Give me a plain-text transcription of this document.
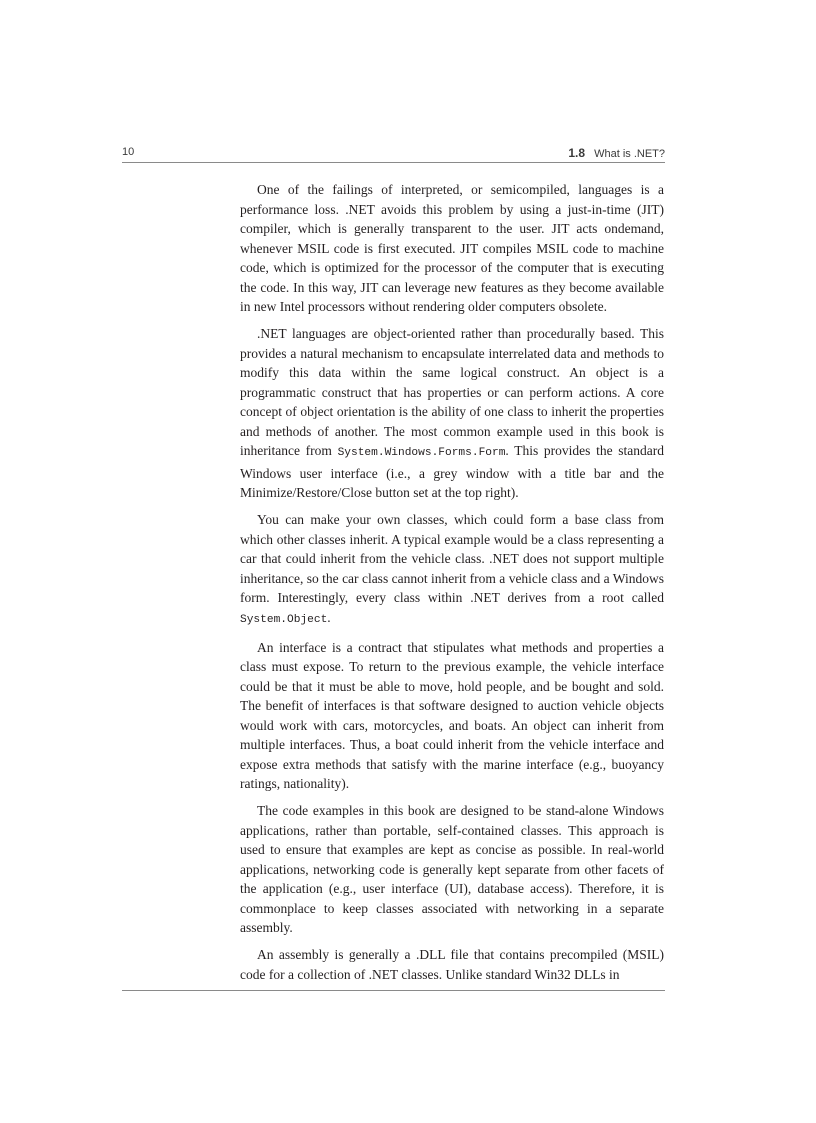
10	1.8 What is .NET?

One of the failings of interpreted, or semicompiled, languages is a performance loss. .NET avoids this problem by using a just-in-time (JIT) compiler, which is generally transparent to the user. JIT acts ondemand, whenever MSIL code is first executed. JIT compiles MSIL code to machine code, which is optimized for the processor of the computer that is executing the code. In this way, JIT can leverage new features as they become available in new Intel processors without rendering older computers obsolete.

.NET languages are object-oriented rather than procedurally based. This provides a natural mechanism to encapsulate interrelated data and methods to modify this data within the same logical construct. An object is a programmatic construct that has properties or can perform actions. A core concept of object orientation is the ability of one class to inherit the properties and methods of another. The most common example used in this book is inheritance from System.Windows.Forms.Form. This provides the standard Windows user interface (i.e., a grey window with a title bar and the Minimize/Restore/Close button set at the top right).

You can make your own classes, which could form a base class from which other classes inherit. A typical example would be a class representing a car that could inherit from the vehicle class. .NET does not support multiple inheritance, so the car class cannot inherit from a vehicle class and a Windows form. Interestingly, every class within .NET derives from a root called System.Object.

An interface is a contract that stipulates what methods and properties a class must expose. To return to the previous example, the vehicle interface could be that it must be able to move, hold people, and be bought and sold. The benefit of interfaces is that software designed to auction vehicle objects would work with cars, motorcycles, and boats. An object can inherit from multiple interfaces. Thus, a boat could inherit from the vehicle interface and expose extra methods that satisfy with the marine interface (e.g., buoyancy ratings, nationality).

The code examples in this book are designed to be stand-alone Windows applications, rather than portable, self-contained classes. This approach is used to ensure that examples are kept as concise as possible. In real-world applications, networking code is generally kept separate from other facets of the application (e.g., user interface (UI), database access). Therefore, it is commonplace to keep classes associated with networking in a separate assembly.

An assembly is generally a .DLL file that contains precompiled (MSIL) code for a collection of .NET classes. Unlike standard Win32 DLLs in
